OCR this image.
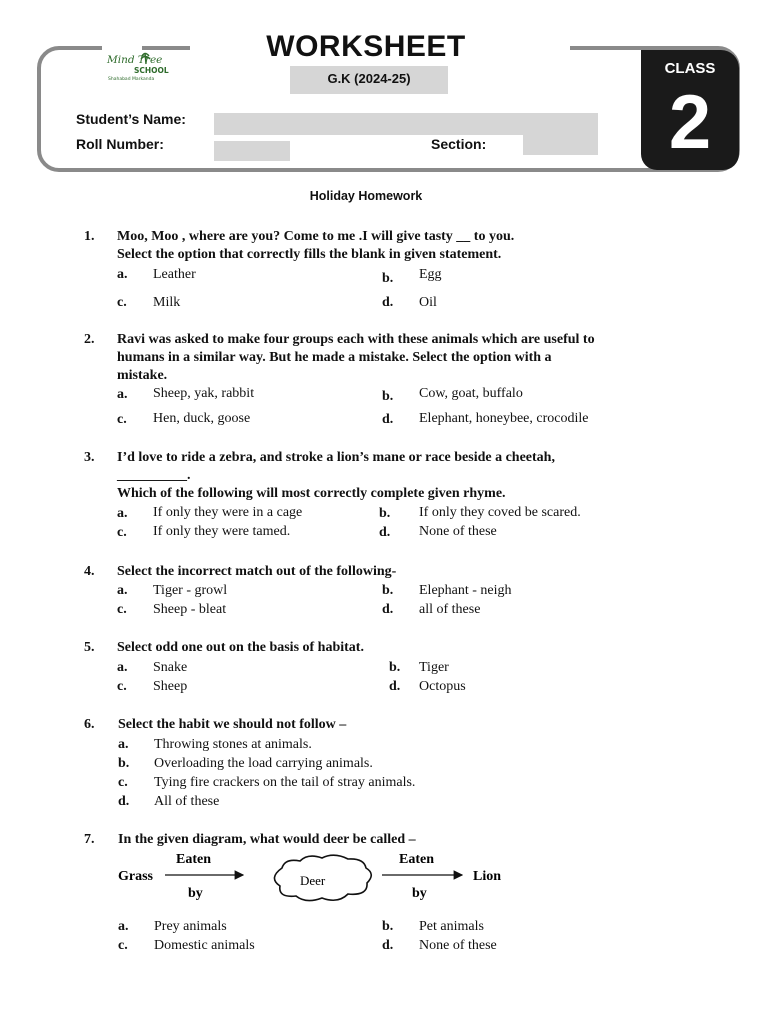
Mind Tree
SCHOOL
Shahabad Markanda
WORKSHEET
G.K (2024-25)
CLASS
2
Student’s Name:
Roll Number:	Section:
Holiday Homework
1. Moo, Moo , where are you? Come to me .I will give tasty __ to you.
Select the option that correctly fills the blank in given statement.
a. Leather	b. Egg
c. Milk	d. Oil
2. Ravi was asked to make four groups each with these animals which are useful to
humans in a similar way. But he made a mistake. Select the option with a
mistake.
a. Sheep, yak, rabbit	b. Cow, goat, buffalo
c. Hen, duck, goose	d. Elephant, honeybee, crocodile
3. I’d love to ride a zebra, and stroke a lion’s mane or race beside a cheetah,
__________.
Which of the following will most correctly complete given rhyme.
a. If only they were in a cage	b. If only they coved be scared.
c. If only they were tamed.	d. None of these
4. Select the incorrect match out of the following-
a. Tiger - growl	b. Elephant - neigh
c. Sheep - bleat	d. all of these
5. Select odd one out on the basis of habitat.
a. Snake	b. Tiger
c. Sheep	d. Octopus
6. Select the habit we should not follow –
a. Throwing stones at animals.
b. Overloading the load carrying animals.
c. Tying fire crackers on the tail of stray animals.
d. All of these
7. In the given diagram, what would deer be called –
Grass
Eaten
by
Deer
Eaten
by
Lion
a. Prey animals	b. Pet animals
c. Domestic animals	d. None of these
